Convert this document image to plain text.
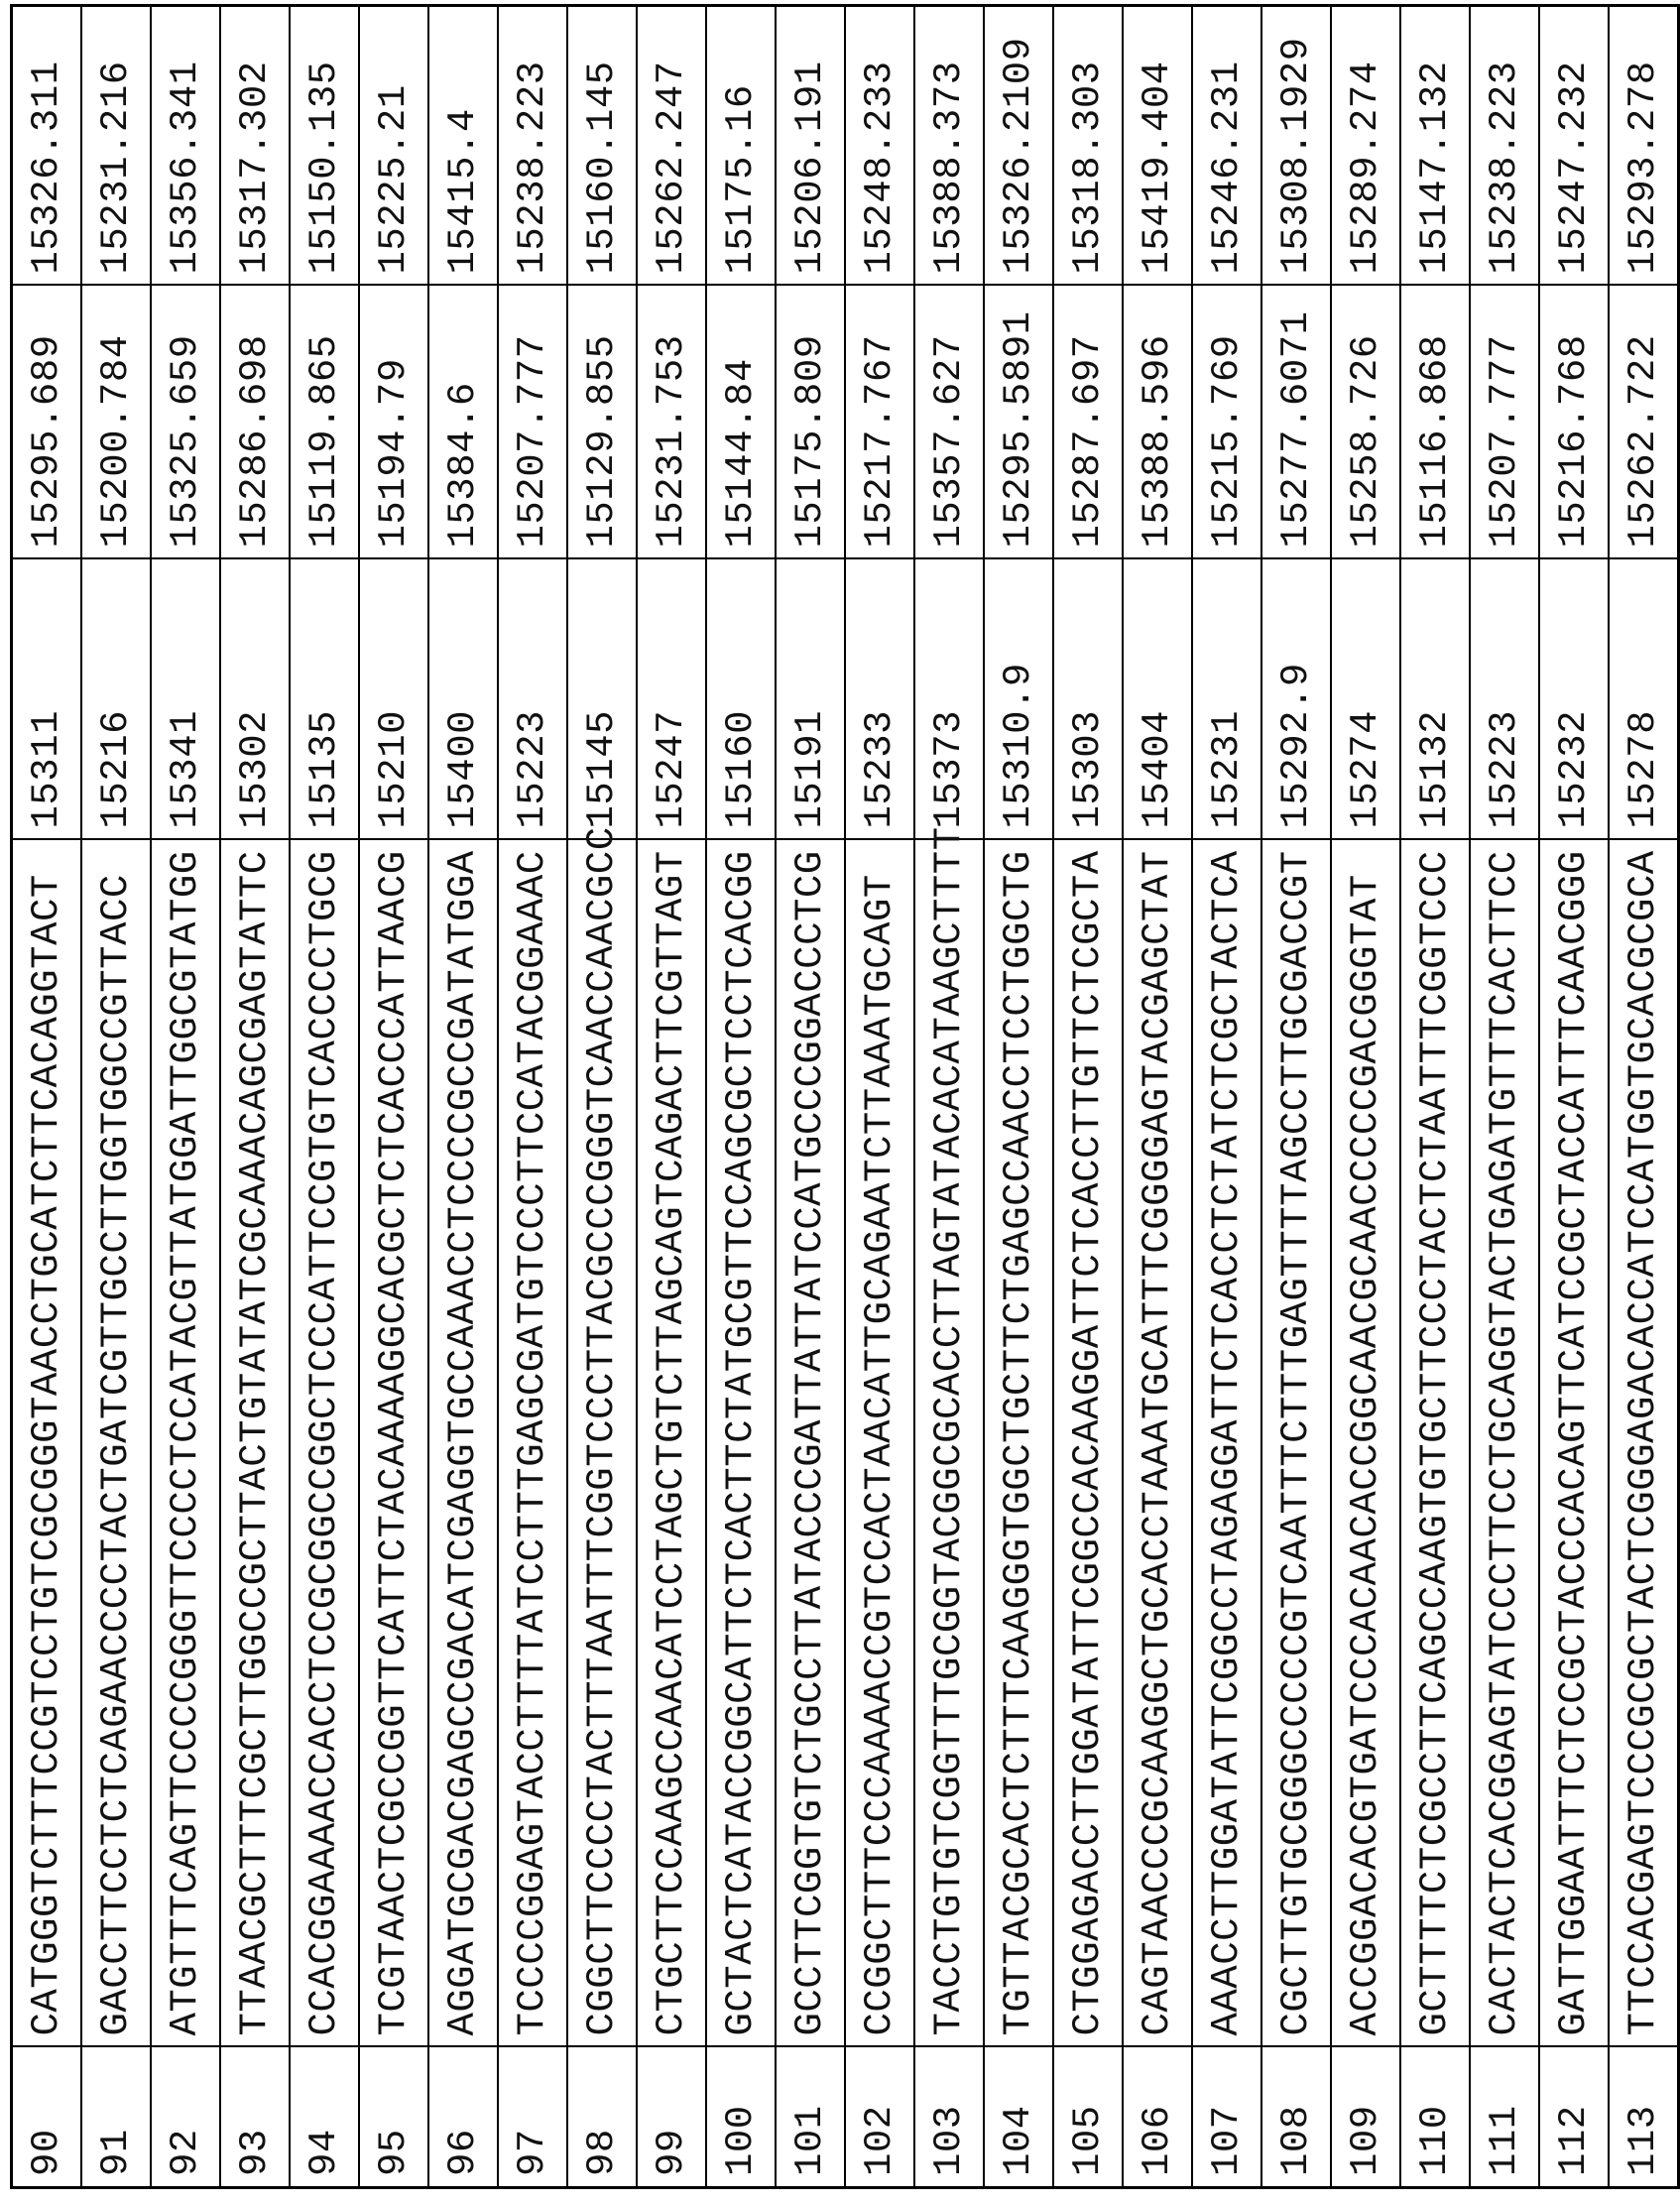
90	CATGGGTCTTTCCGTCCTGTCGCGGGTAACCTGCATCTTCACAGGTACT	15311	15295.689	15326.311
91	GACCTTCCTCTCAGAACCCCTACTGATCGTTGCCTTGGTGGCCGTTACC	15216	15200.784	15231.216
92	ATGTTTCAGTTCCCCGGGTTCCCCTCCATACGTTATGGATTGGCGTATGG	15341	15325.659	15356.341
93	TTAACGCTTTCGCTTGGCCGCTTACTGTATATCGCAAACAGCGAGTATTC	15302	15286.698	15317.302
94	CCACGGAAAACCACCTCCGCGGCCGGCTCCCATTCCGTGTCACCCCTGCG	15135	15119.865	15150.135
95	TCGTAACTCGCCGGTTCATTCTACAAAAGGCACGCTCTCACCCATTAACG	15210	15194.79	15225.21
96	AGGATGCGACGAGCCGACATCGAGGTGCCAAACCTCCCCGCCGATATGGA	15400	15384.6	15415.4
97	TCCCCGGAGTACCTTTTATCCTTTGAGCGATGTCCCTTCCATACGGAAAC	15223	15207.777	15238.223
98	CGGCTTCCCCTACTTTAATTTCGGTCCCTTACGCCCGGGTCAACCAACGCC	15145	15129.855	15160.145
99	CTGCTTCCAAGCCAACATCCTAGCTGTCTTAGCAGTCAGACTTCGTTAGT	15247	15231.753	15262.247
100	GCTACTCATACCGGCATTCTCACTTCTATGCGTTCCAGCGCTCCTCACGG	15160	15144.84	15175.16
101	GCCTTCGGTGTCTGCCTTATACCCGATTATTATCCATGCCCGGACCCTCG	15191	15175.809	15206.191
102	CCGGCTTTCCCAAAACCGTCCACTAACATTGCAGAATCTTAAATGCAGT	15233	15217.767	15248.233
103	TACCTGTGTCGGTTTGCGGTACGGCGCACCTTAGTATACACATAAGCTTTT	15373	15357.627	15388.373
104	TGTTACGCACTCTTTCAAGGGTGGCTGCTTCTGAGCCAACCTCCTGGCTG	15310.9	15295.5891	15326.2109
105	CTGGAGACCTTGGATATTCGGCCACAAGGATTCTCACCTTGTTCTCGCTA	15303	15287.697	15318.303
106	CAGTAACCCGCAAGGCTGCACCTAAATGCATTTCGGGGAGTACGAGCTAT	15404	15388.596	15419.404
107	AAACCTTGGATATTCGGCCTAGAGGATTCTCACCTCTATCTCGCTACTCA	15231	15215.769	15246.231
108	CGCTTGTGCGGGCCCCCGTCAATTTCTTTGAGTTTTAGCCTTGCGACCGT	15292.9	15277.6071	15308.1929
109	ACCGGACACGTGATCCCACAACACCGGCAACGCAACCCCCGACGGGTAT	15274	15258.726	15289.274
110	GCTTTTCTCGCCTTCAGCCAAGTGTGCTTCCCTACTCTAATTTCGGTCCC	15132	15116.868	15147.132
111	CACTACTCACGGAGTATCCCTTCCTGCAGGTACTGAGATGTTTCACTTCC	15223	15207.777	15238.223
112	GATTGGAATTTCTCCGCTACCCACAGTTCATCCGCTACCATTTCAACGGG	15232	15216.768	15247.232
113	TTCCACGAGTCCCGCGCTACTCGGGAGACACCATCCATGGTGCACGCGCA	15278	15262.722	15293.278
